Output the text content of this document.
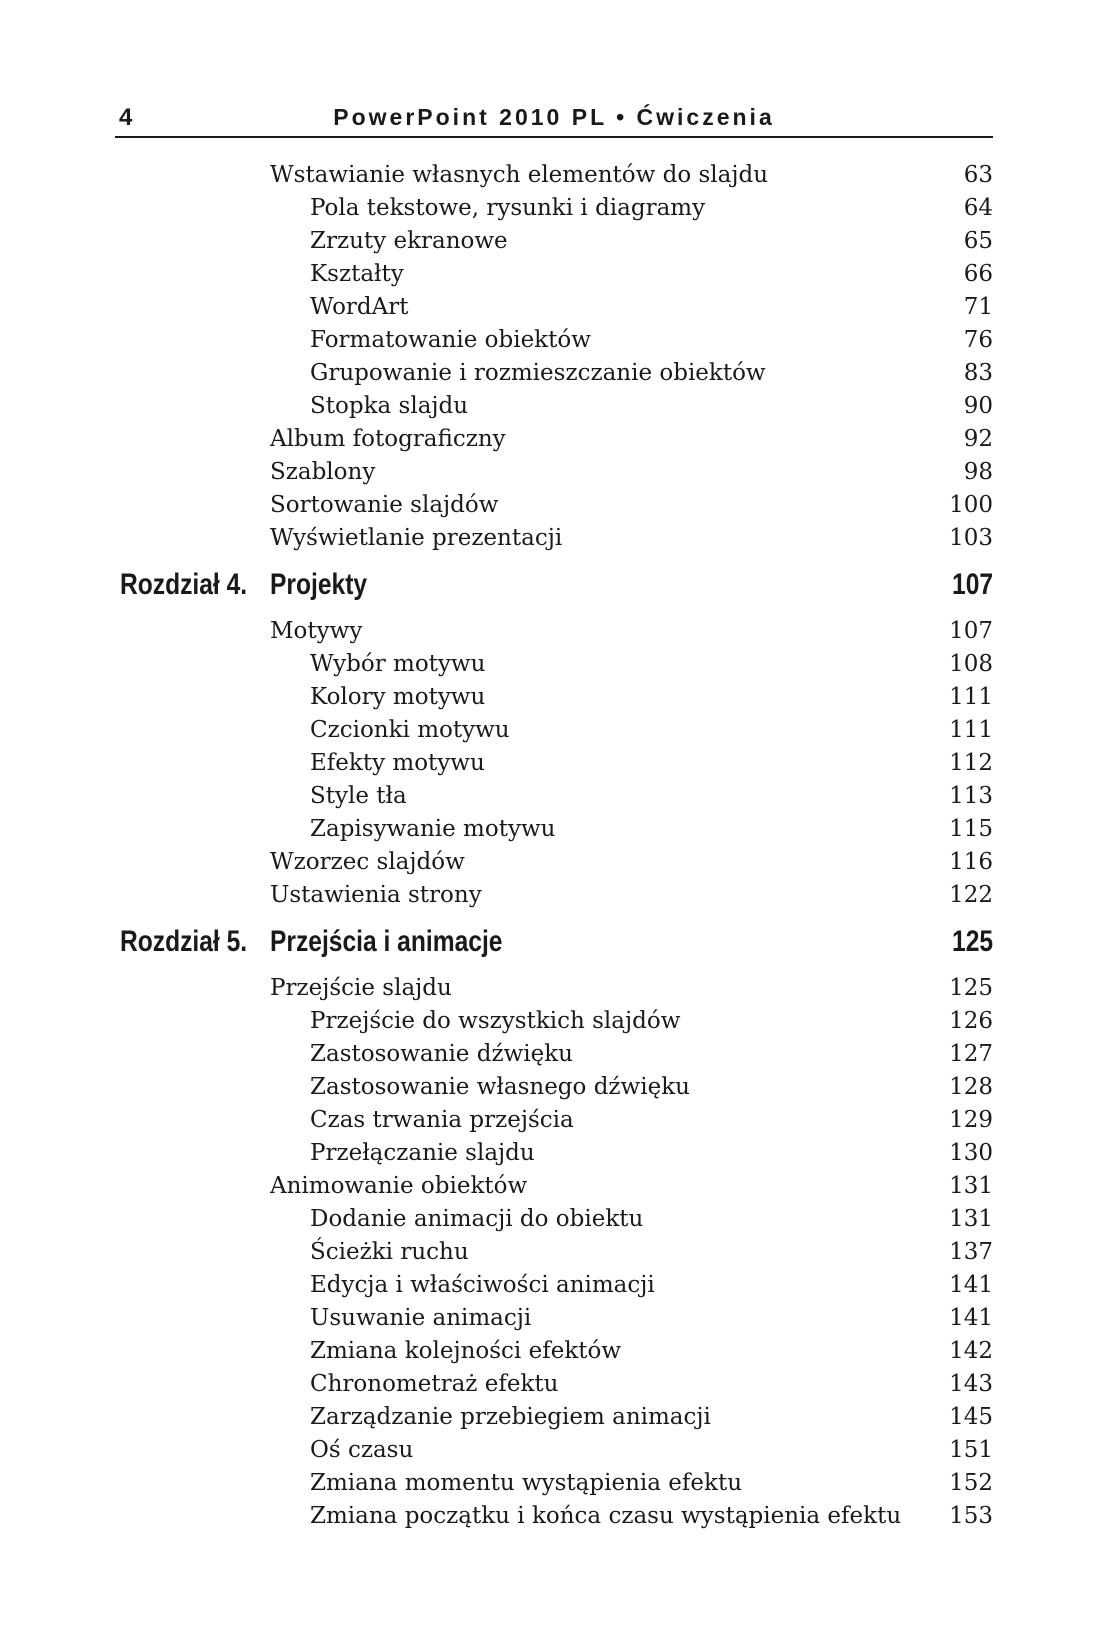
4	PowerPoint 2010 PL • Ćwiczenia
Wstawianie własnych elementów do slajdu	63
Pola tekstowe, rysunki i diagramy	64
Zrzuty ekranowe	65
Kształty	66
WordArt	71
Formatowanie obiektów	76
Grupowanie i rozmieszczanie obiektów	83
Stopka slajdu	90
Album fotograficzny	92
Szablony	98
Sortowanie slajdów	100
Wyświetlanie prezentacji	103
Rozdział 4. Projekty	107
Motywy	107
Wybór motywu	108
Kolory motywu	111
Czcionki motywu	111
Efekty motywu	112
Style tła	113
Zapisywanie motywu	115
Wzorzec slajdów	116
Ustawienia strony	122
Rozdział 5. Przejścia i animacje	125
Przejście slajdu	125
Przejście do wszystkich slajdów	126
Zastosowanie dźwięku	127
Zastosowanie własnego dźwięku	128
Czas trwania przejścia	129
Przełączanie slajdu	130
Animowanie obiektów	131
Dodanie animacji do obiektu	131
Ścieżki ruchu	137
Edycja i właściwości animacji	141
Usuwanie animacji	141
Zmiana kolejności efektów	142
Chronometraż efektu	143
Zarządzanie przebiegiem animacji	145
Oś czasu	151
Zmiana momentu wystąpienia efektu	152
Zmiana początku i końca czasu wystąpienia efektu 153
